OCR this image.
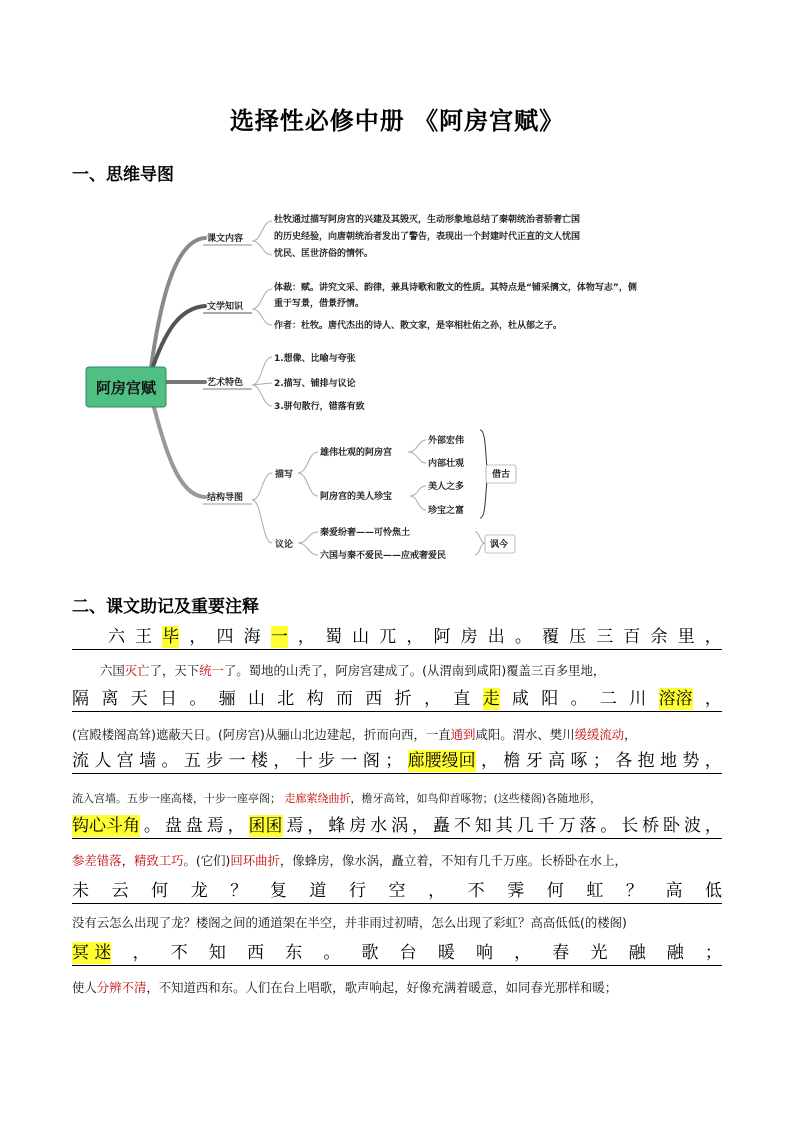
选择性必修中册 《阿房宫赋》
一、思维导图
阿房宫赋
课文内容
文学知识
艺术特色
结构导图
杜牧通过描写阿房宫的兴建及其毁灭，生动形象地总结了秦朝统治者骄奢亡国
的历史经验，向唐朝统治者发出了警告，表现出一个封建时代正直的文人忧国
忧民、匡世济俗的情怀。
体裁：赋。讲究文采、韵律，兼具诗歌和散文的性质。其特点是“铺采摛文，体物写志”，侧
重于写景，借景抒情。
作者：杜牧。唐代杰出的诗人、散文家，是宰相杜佑之孙，杜从郁之子。
1.想像、比喻与夸张
2.描写、铺排与议论
3.骈句散行，错落有致
描写
议论
雄伟壮观的阿房宫
阿房宫的美人珍宝
外部宏伟
内部壮观
美人之多
珍宝之富
秦爱纷奢——可怜焦土
六国与秦不爱民——应戒奢爱民
借古
讽今
二、课文助记及重要注释
六 王 毕 ， 四 海 一 ， 蜀 山 兀 ， 阿 房 出 。 覆 压 三 百 余 里 ，
六国灭亡了，天下统一了。蜀地的山秃了，阿房宫建成了。(从渭南到咸阳)覆盖三百多里地，
隔 离 天 日 。 骊 山 北 构 而 西 折 ， 直 走 咸 阳 。 二 川 溶溶 ，
(宫殿楼阁高耸)遮蔽天日。(阿房宫)从骊山北边建起，折而向西，一直通到咸阳。渭水、樊川缓缓流动，
流 人 宫 墙 。 五 步 一 楼 ， 十 步 一 阁 ； 廊腰缦回 ， 檐 牙 高 啄 ； 各 抱 地 势 ，
流入宫墙。五步一座高楼，十步一座亭阁； 走廊萦绕曲折，檐牙高耸，如鸟仰首啄物；(这些楼阁)各随地形，
钩心斗角 。 盘 盘 焉 ， 囷囷 焉 ， 蜂 房 水 涡 ， 矗 不 知 其 几 千 万 落 。 长 桥 卧 波 ，
参差错落，精致工巧。(它们)回环曲折，像蜂房，像水涡，矗立着，不知有几千万座。长桥卧在水上，
未 云 何 龙 ？ 复 道 行 空 ， 不 霁 何 虹 ？ 高 低
没有云怎么出现了龙？楼阁之间的通道架在半空，并非雨过初晴，怎么出现了彩虹？高高低低(的楼阁)
冥 迷 ， 不 知 西 东 。 歌 台 暖 响 ， 春 光 融 融 ；
使人分辨不清，不知道西和东。人们在台上唱歌，歌声响起，好像充满着暖意，如同春光那样和暖；
